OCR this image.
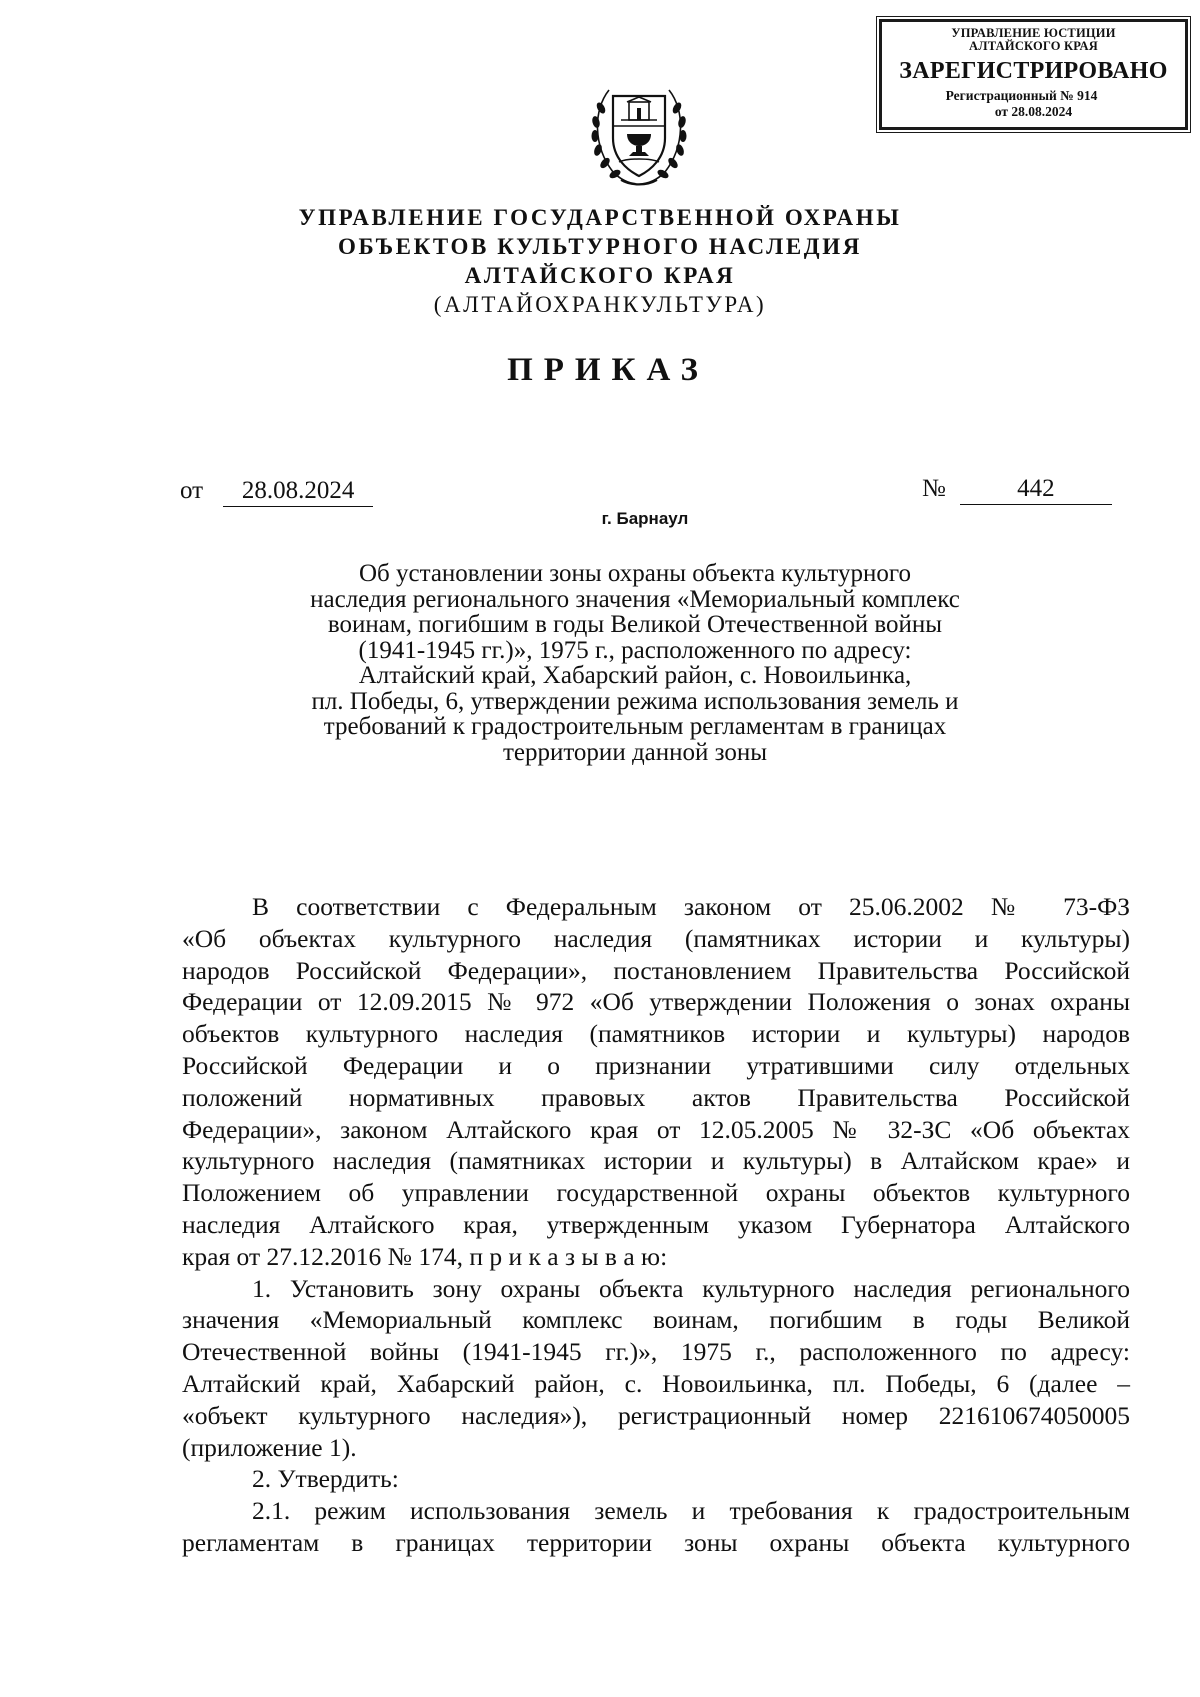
УПРАВЛЕНИЕ ЮСТИЦИИ
АЛТАЙСКОГО КРАЯ
ЗАРЕГИСТРИРОВАНО
Регистрационный № 914
от 28.08.2024
УПРАВЛЕНИЕ ГОСУДАРСТВЕННОЙ ОХРАНЫ
ОБЪЕКТОВ КУЛЬТУРНОГО НАСЛЕДИЯ
АЛТАЙСКОГО КРАЯ
(АЛТАЙОХРАНКУЛЬТУРА)
ПРИКАЗ
от 28.08.2024	№	442
г. Барнаул
Об установлении зоны охраны объекта культурного
наследия регионального значения «Мемориальный комплекс
воинам, погибшим в годы Великой Отечественной войны
(1941-1945 гг.)», 1975 г., расположенного по адресу:
Алтайский край, Хабарский район, с. Новоильинка,
пл. Победы, 6, утверждении режима использования земель и
требований к градостроительным регламентам в границах
территории данной зоны

В соответствии с Федеральным законом от 25.06.2002 № 73-ФЗ
«Об объектах культурного наследия (памятниках истории и культуры)
народов Российской Федерации», постановлением Правительства Российской
Федерации от 12.09.2015 № 972 «Об утверждении Положения о зонах охраны
объектов культурного наследия (памятников истории и культуры) народов
Российской Федерации и о признании утратившими силу отдельных
положений нормативных правовых актов Правительства Российской
Федерации», законом Алтайского края от 12.05.2005 № 32-ЗС «Об объектах
культурного наследия (памятниках истории и культуры) в Алтайском крае» и
Положением об управлении государственной охраны объектов культурного
наследия Алтайского края, утвержденным указом Губернатора Алтайского
края от 27.12.2016 № 174, п р и к а з ы в а ю:

1. Установить зону охраны объекта культурного наследия регионального
значения «Мемориальный комплекс воинам, погибшим в годы Великой
Отечественной войны (1941-1945 гг.)», 1975 г., расположенного по адресу:
Алтайский край, Хабарский район, с. Новоильинка, пл. Победы, 6 (далее –
«объект культурного наследия»), регистрационный номер 221610674050005
(приложение 1).

2. Утвердить:

2.1. режим использования земель и требования к градостроительным
регламентам в границах территории зоны охраны объекта культурного
